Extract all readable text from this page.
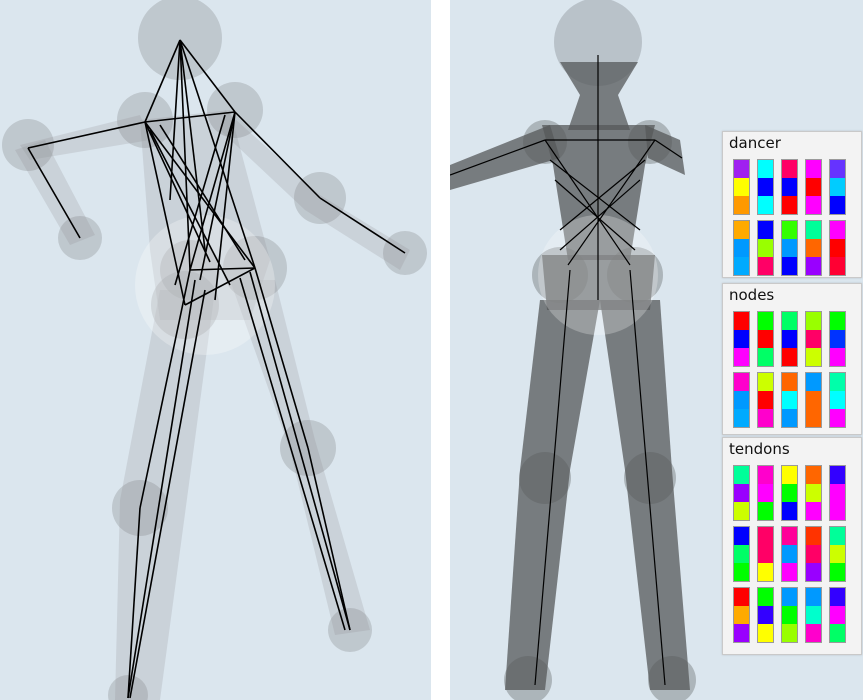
dancer
nodes
tendons
